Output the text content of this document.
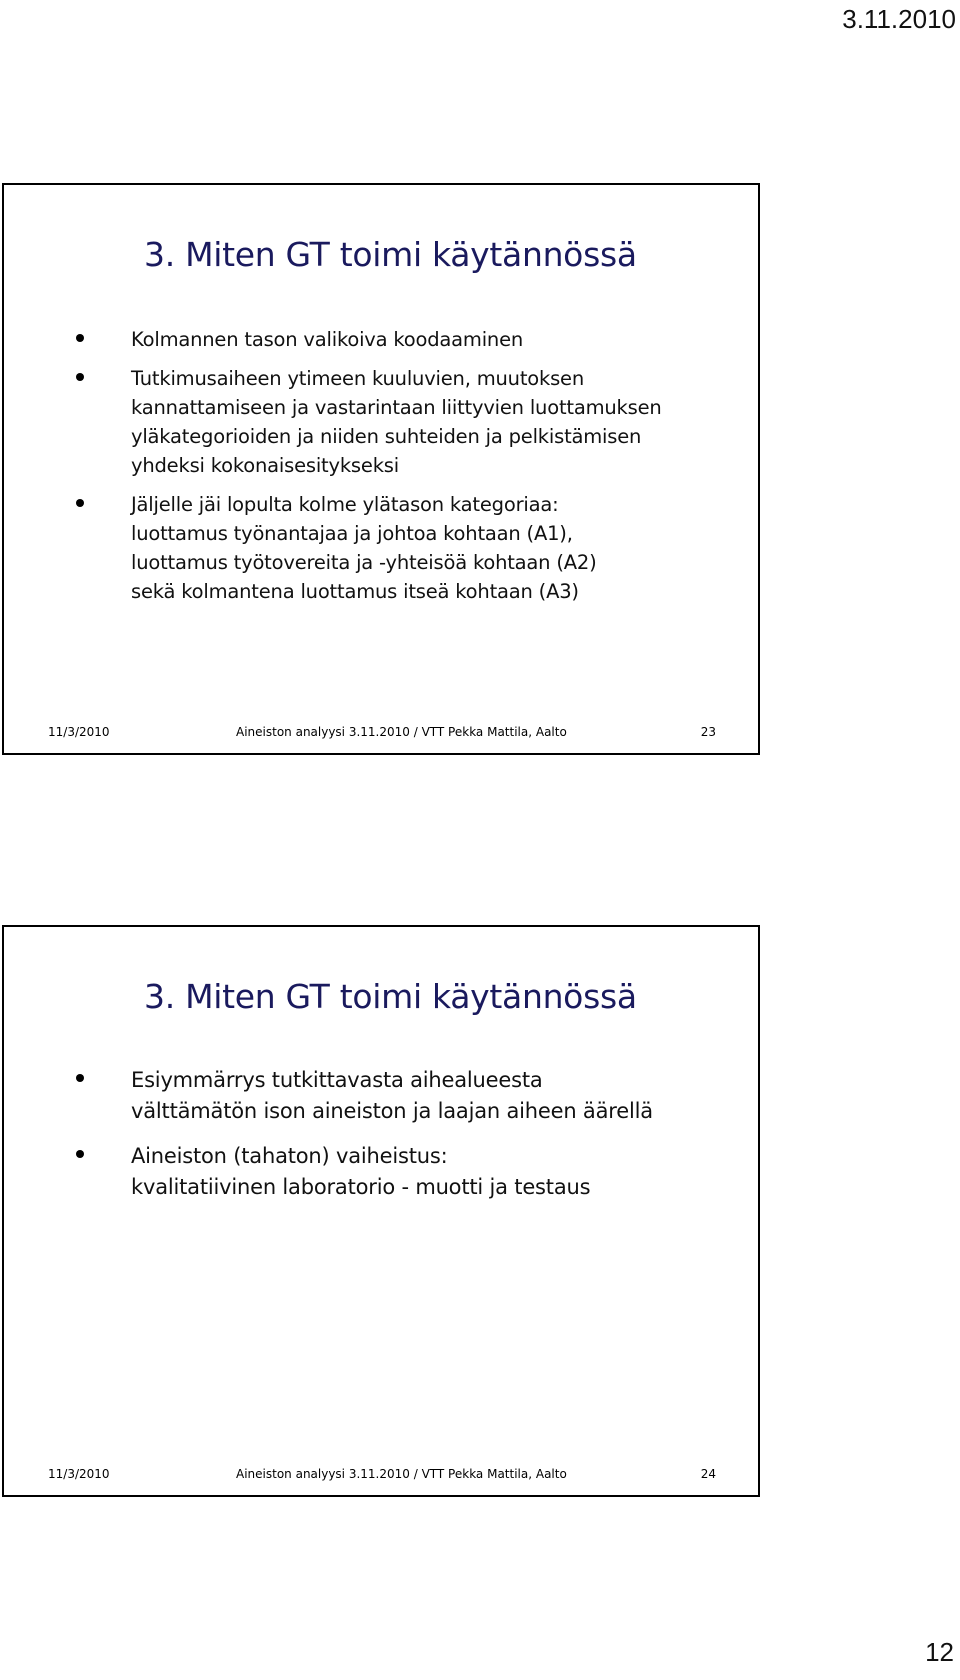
3.11.2010
3. Miten GT toimi käytännössä
Kolmannen tason valikoiva koodaaminen
Tutkimusaiheen ytimeen kuuluvien, muutoksen
kannattamiseen ja vastarintaan liittyvien luottamuksen
yläkategorioiden ja niiden suhteiden ja pelkistämisen
yhdeksi kokonaisesitykseksi
Jäljelle jäi lopulta kolme ylätason kategoriaa:
luottamus työnantajaa ja johtoa kohtaan (A1),
luottamus työtovereita ja -yhteisöä kohtaan (A2)
sekä kolmantena luottamus itseä kohtaan (A3)
11/3/2010	Aineiston analyysi 3.11.2010 / VTT Pekka Mattila, Aalto	23
3. Miten GT toimi käytännössä
Esiymmärrys tutkittavasta aihealueesta
välttämätön ison aineiston ja laajan aiheen äärellä
Aineiston (tahaton) vaiheistus:
kvalitatiivinen laboratorio - muotti ja testaus
11/3/2010	Aineiston analyysi 3.11.2010 / VTT Pekka Mattila, Aalto	24
12
